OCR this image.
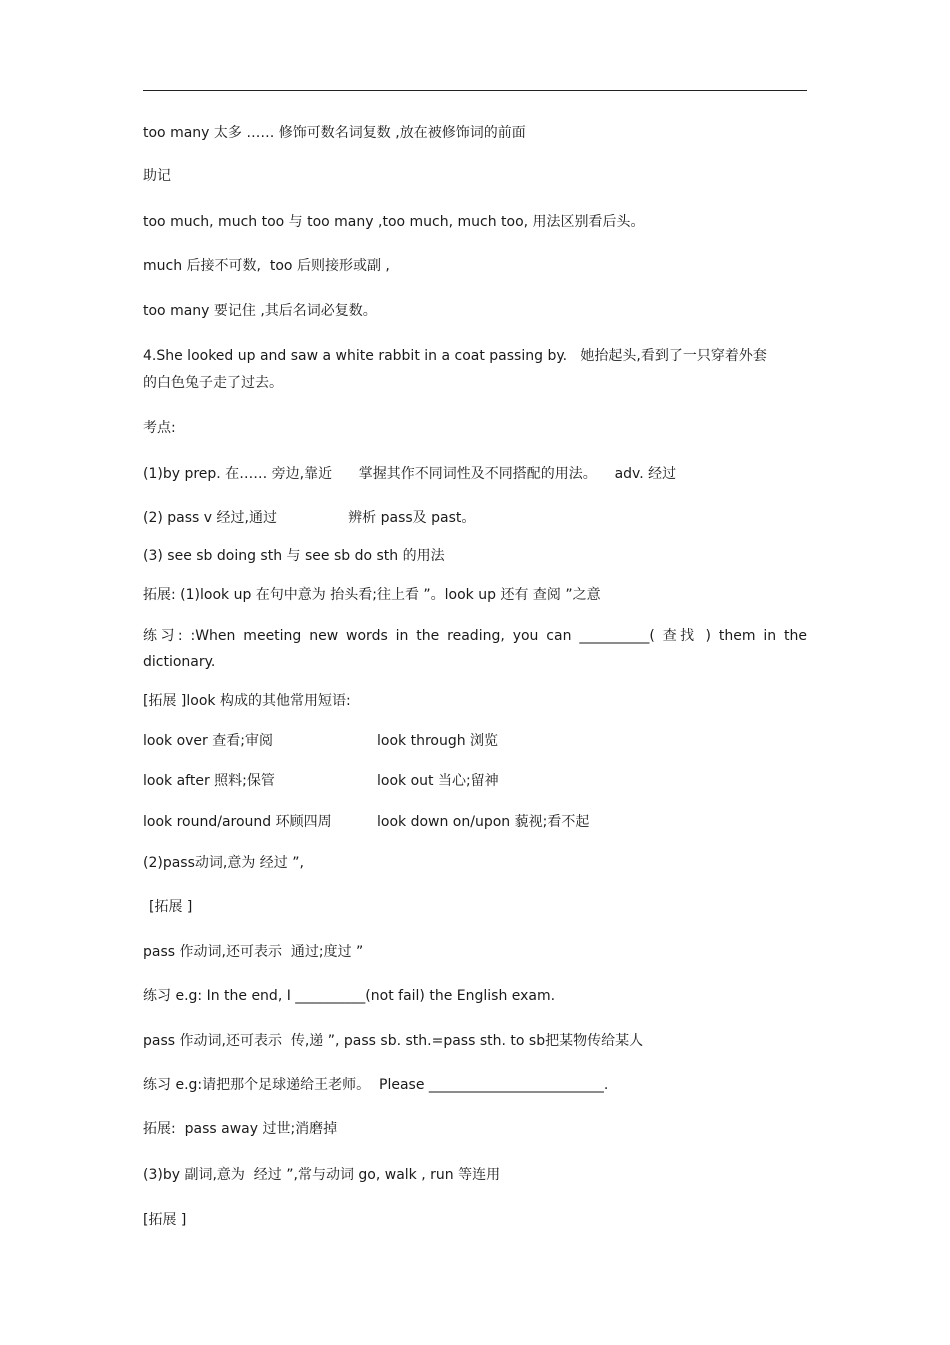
too many 太多 …… 修饰可数名词复数 ,放在被修饰词的前面
助记
too much, much too 与 too many ,too much, much too, 用法区别看后头。
much 后接不可数,  too 后则接形或副 ,
too many 要记住 ,其后名词必复数。
4.She looked up and saw a white rabbit in a coat passing by.   她抬起头,看到了一只穿着外套
的白色兔子走了过去。
考点:
(1)by prep. 在…… 旁边,靠近      掌握其作不同词性及不同搭配的用法。    adv. 经过
(2) pass v 经过,通过                辨析 pass及 past。
(3) see sb doing sth 与 see sb do sth 的用法
拓展: (1)look up 在句中意为 抬头看;往上看 ”。look up 还有 查阅 ”之意
练习: :When meeting new words in the reading, you can __________( 查找 ) them in the dictionary.
[拓展 ]look 构成的其他常用短语:
look over 查看;审阅	look through 浏览
look after 照料;保管	look out 当心;留神
look round/around 环顾四周	look down on/upon 藐视;看不起
(2)pass动词,意为 经过 ”,
[拓展 ]
pass 作动词,还可表示  通过;度过 ”
练习 e.g: In the end, I __________(not fail) the English exam.
pass 作动词,还可表示  传,递 ”, pass sb. sth.=pass sth. to sb把某物传给某人
练习 e.g:请把那个足球递给王老师。  Please _________________________.
拓展:  pass away 过世;消磨掉
(3)by 副词,意为  经过 ”,常与动词 go, walk , run 等连用
[拓展 ]
